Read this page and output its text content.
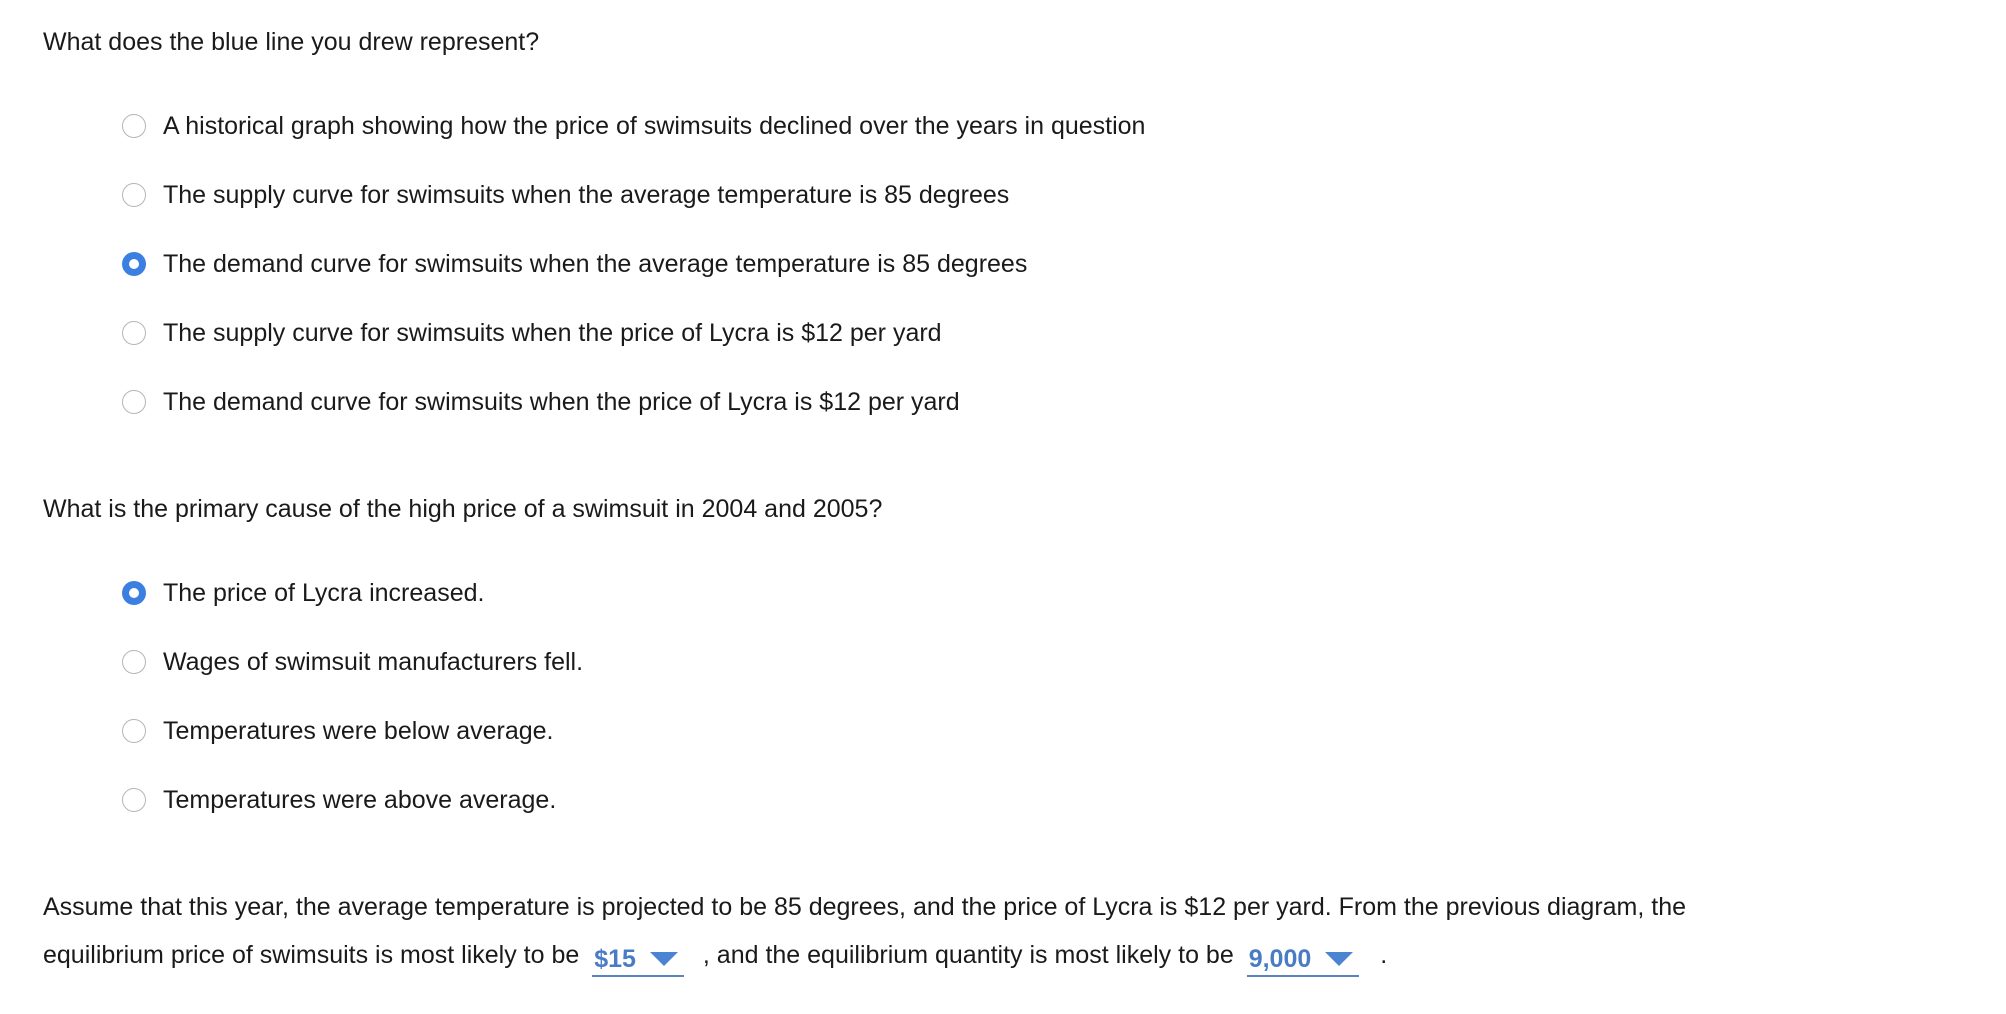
What does the blue line you drew represent?
A historical graph showing how the price of swimsuits declined over the years in question
The supply curve for swimsuits when the average temperature is 85 degrees
The demand curve for swimsuits when the average temperature is 85 degrees
The supply curve for swimsuits when the price of Lycra is $12 per yard
The demand curve for swimsuits when the price of Lycra is $12 per yard
What is the primary cause of the high price of a swimsuit in 2004 and 2005?
The price of Lycra increased.
Wages of swimsuit manufacturers fell.
Temperatures were below average.
Temperatures were above average.
Assume that this year, the average temperature is projected to be 85 degrees, and the price of Lycra is $12 per yard. From the previous diagram, the
equilibrium price of swimsuits is most likely to be $15	, and the equilibrium quantity is most likely to be 9,000	.
